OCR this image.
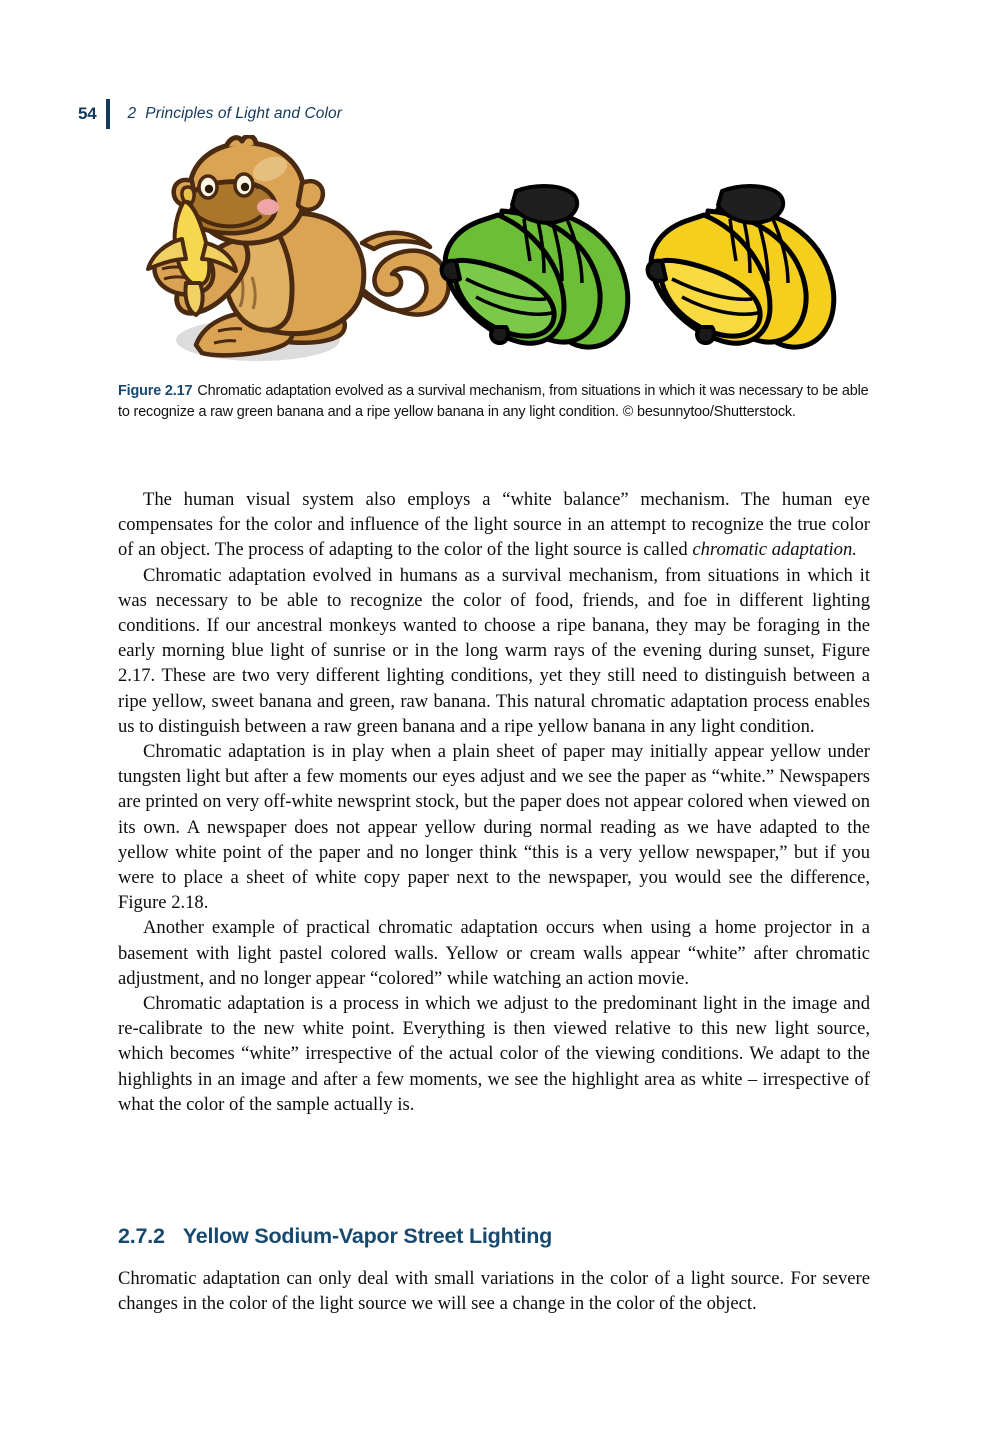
54 2 Principles of Light and Color
Figure 2.17 Chromatic adaptation evolved as a survival mechanism, from situations in which it was necessary to be able to recognize a raw green banana and a ripe yellow banana in any light condition. © besunnytoo/Shutterstock.

The human visual system also employs a “white balance” mechanism. The human eye compensates for the color and influence of the light source in an attempt to recognize the true color of an object. The process of adapting to the color of the light source is called chromatic adaptation.

Chromatic adaptation evolved in humans as a survival mechanism, from situations in which it was necessary to be able to recognize the color of food, friends, and foe in different lighting conditions. If our ancestral monkeys wanted to choose a ripe banana, they may be foraging in the early morning blue light of sunrise or in the long warm rays of the evening during sunset, Figure 2.17. These are two very different lighting conditions, yet they still need to distinguish between a ripe yellow, sweet banana and green, raw banana. This natural chromatic adaptation process enables us to distinguish between a raw green banana and a ripe yellow banana in any light condition.

Chromatic adaptation is in play when a plain sheet of paper may initially appear yellow under tungsten light but after a few moments our eyes adjust and we see the paper as “white.” Newspapers are printed on very off-white newsprint stock, but the paper does not appear colored when viewed on its own. A newspaper does not appear yellow during normal reading as we have adapted to the yellow white point of the paper and no longer think “this is a very yellow newspaper,” but if you were to place a sheet of white copy paper next to the newspaper, you would see the difference, Figure 2.18.

Another example of practical chromatic adaptation occurs when using a home projector in a basement with light pastel colored walls. Yellow or cream walls appear “white” after chromatic adjustment, and no longer appear “colored” while watching an action movie.

Chromatic adaptation is a process in which we adjust to the predominant light in the image and re-calibrate to the new white point. Everything is then viewed relative to this new light source, which becomes “white” irrespective of the actual color of the viewing conditions. We adapt to the highlights in an image and after a few moments, we see the highlight area as white – irrespective of what the color of the sample actually is.

2.7.2 Yellow Sodium-Vapor Street Lighting

Chromatic adaptation can only deal with small variations in the color of a light source. For severe changes in the color of the light source we will see a change in the color of the object.
